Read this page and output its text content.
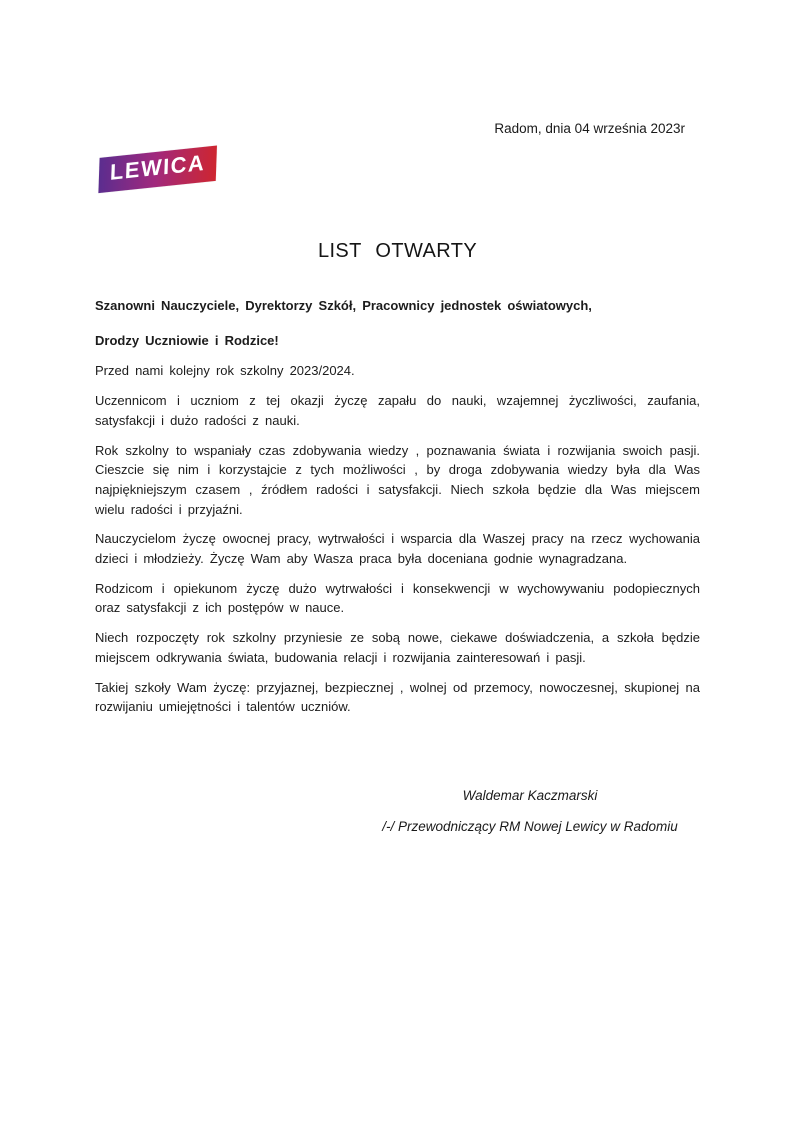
Radom, dnia 04 września 2023r
LEWICA
LIST OTWARTY

Szanowni Nauczyciele, Dyrektorzy Szkół, Pracownicy jednostek oświatowych,

Drodzy Uczniowie i Rodzice!

Przed nami kolejny rok szkolny 2023/2024.

Uczennicom i uczniom z tej okazji życzę zapału do nauki, wzajemnej życzliwości, zaufania, satysfakcji i dużo radości z nauki.

Rok szkolny to wspaniały czas zdobywania wiedzy , poznawania świata i rozwijania swoich pasji. Cieszcie się nim i korzystajcie z tych możliwości , by droga zdobywania wiedzy była dla Was najpiękniejszym czasem , źródłem radości i satysfakcji. Niech szkoła będzie dla Was miejscem wielu radości i przyjaźni.

Nauczycielom życzę owocnej pracy, wytrwałości i wsparcia dla Waszej pracy na rzecz wychowania dzieci i młodzieży. Życzę Wam aby Wasza praca była doceniana godnie wynagradzana.

Rodzicom i opiekunom życzę dużo wytrwałości i konsekwencji w wychowywaniu podopiecznych oraz satysfakcji z ich postępów w nauce.

Niech rozpoczęty rok szkolny przyniesie ze sobą nowe, ciekawe doświadczenia, a szkoła będzie miejscem odkrywania świata, budowania relacji i rozwijania zainteresowań i pasji.

Takiej szkoły Wam życzę: przyjaznej, bezpiecznej , wolnej od przemocy, nowoczesnej, skupionej na rozwijaniu umiejętności i talentów uczniów.

Waldemar Kaczmarski

/-/ Przewodniczący RM Nowej Lewicy w Radomiu
